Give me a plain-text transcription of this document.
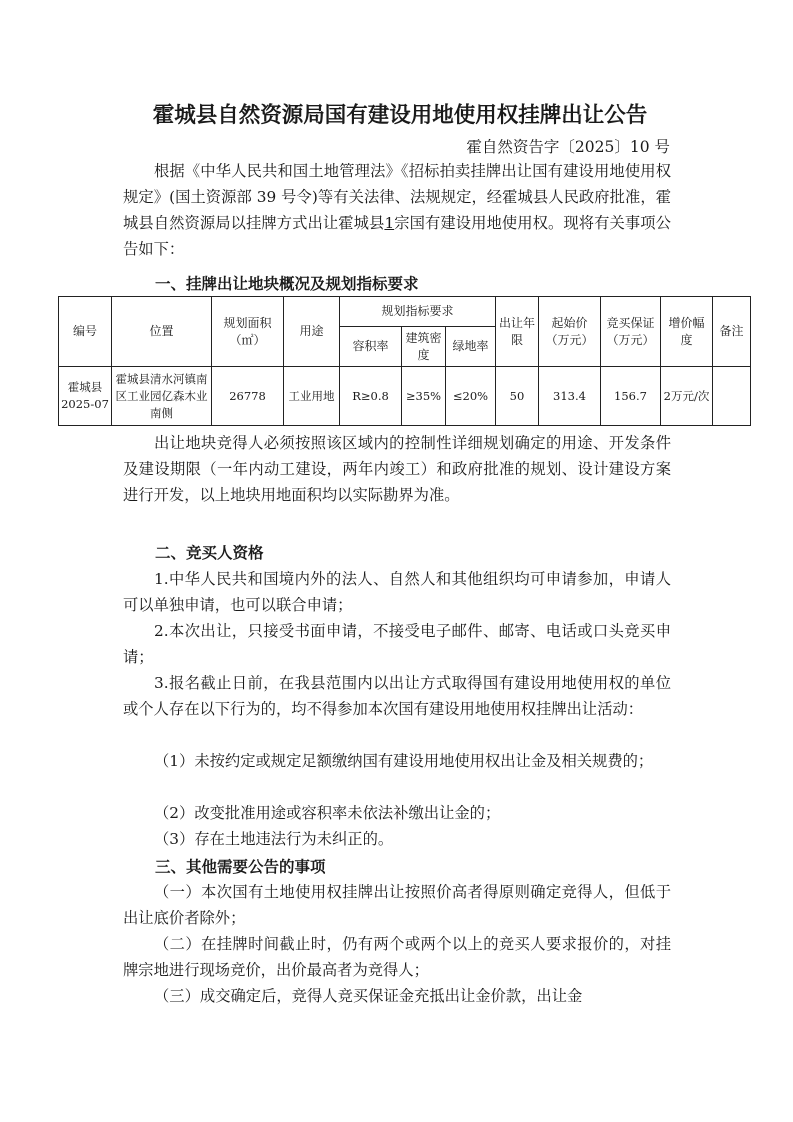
霍城县自然资源局国有建设用地使用权挂牌出让公告
霍自然资告字〔2025〕10 号

根据《中华人民共和国土地管理法》《招标拍卖挂牌出让国有建设用地使用权规定》(国土资源部 39 号令)等有关法律、法规规定，经霍城县人民政府批准，霍城县自然资源局以挂牌方式出让霍城县1宗国有建设用地使用权。现将有关事项公告如下：

一、挂牌出让地块概况及规划指标要求
编号	位置	规划面积（㎡）	用途	规划指标要求			出让年限	起始价（万元）	竞买保证（万元）	增价幅 度	备注
				容积率	建筑密度	绿地率					
霍城县2025-07	霍城县清水河镇南区工业园亿森木业南侧	26778	工业用地	R≥0.8	≥35%	≤20%	50	313.4	156.7	2万元/次	

出让地块竞得人必须按照该区域内的控制性详细规划确定的用途、开发条件及建设期限（一年内动工建设，两年内竣工）和政府批准的规划、设计建设方案进行开发，以上地块用地面积均以实际勘界为准。

二、竞买人资格

1.中华人民共和国境内外的法人、自然人和其他组织均可申请参加，申请人可以单独申请，也可以联合申请；

2.本次出让，只接受书面申请，不接受电子邮件、邮寄、电话或口头竞买申请；

3.报名截止日前，在我县范围内以出让方式取得国有建设用地使用权的单位或个人存在以下行为的，均不得参加本次国有建设用地使用权挂牌出让活动：

（1）未按约定或规定足额缴纳国有建设用地使用权出让金及相关规费的；

（2）改变批准用途或容积率未依法补缴出让金的；

（3）存在土地违法行为未纠正的。

三、其他需要公告的事项

（一）本次国有土地使用权挂牌出让按照价高者得原则确定竞得人，但低于出让底价者除外；

（二）在挂牌时间截止时，仍有两个或两个以上的竞买人要求报价的，对挂牌宗地进行现场竞价，出价最高者为竞得人；

（三）成交确定后，竞得人竞买保证金充抵出让金价款，出让金
